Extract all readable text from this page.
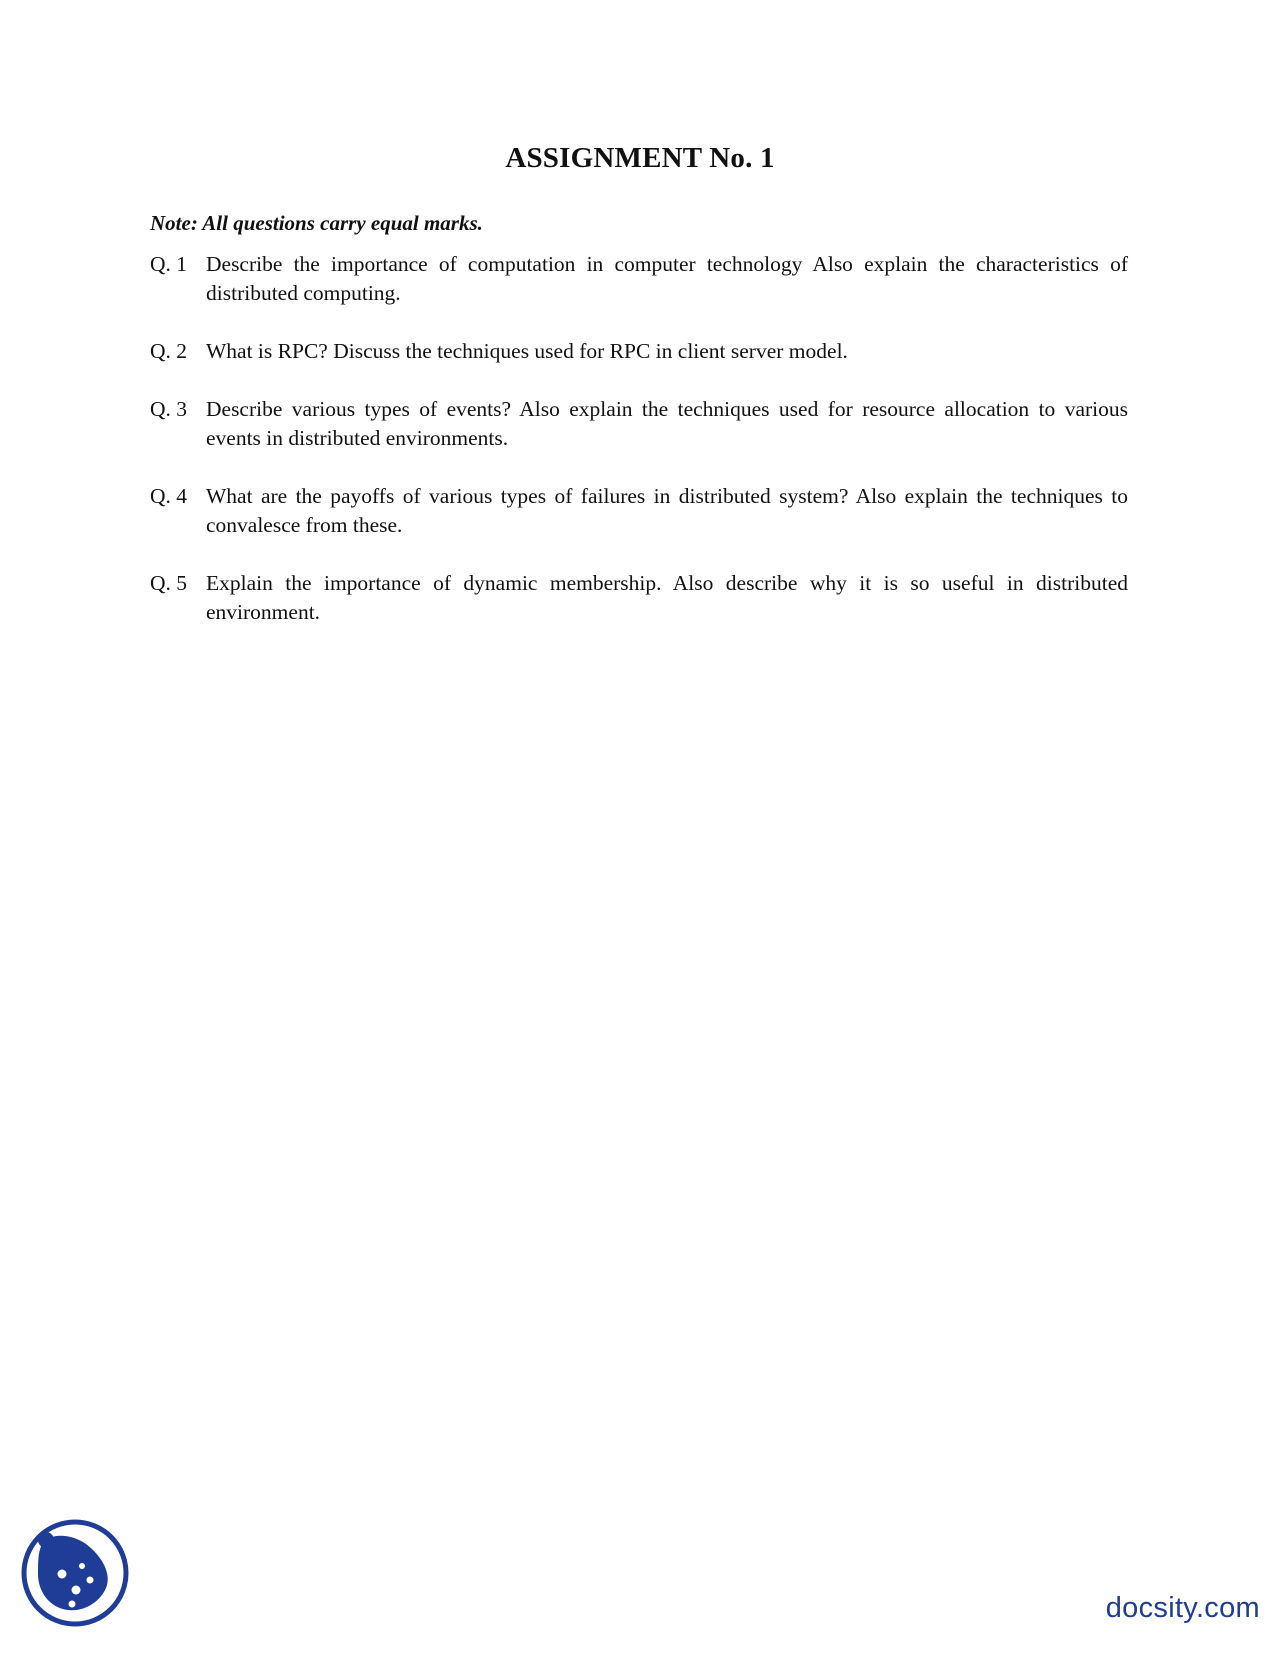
ASSIGNMENT No. 1
Note: All questions carry equal marks.
Q. 1 Describe the importance of computation in computer technology Also explain the characteristics of distributed computing.
Q. 2 What is RPC? Discuss the techniques used for RPC in client server model.
Q. 3 Describe various types of events? Also explain the techniques used for resource allocation to various events in distributed environments.
Q. 4 What are the payoffs of various types of failures in distributed system? Also explain the techniques to convalesce from these.
Q. 5 Explain the importance of dynamic membership. Also describe why it is so useful in distributed environment.
docsity.com
